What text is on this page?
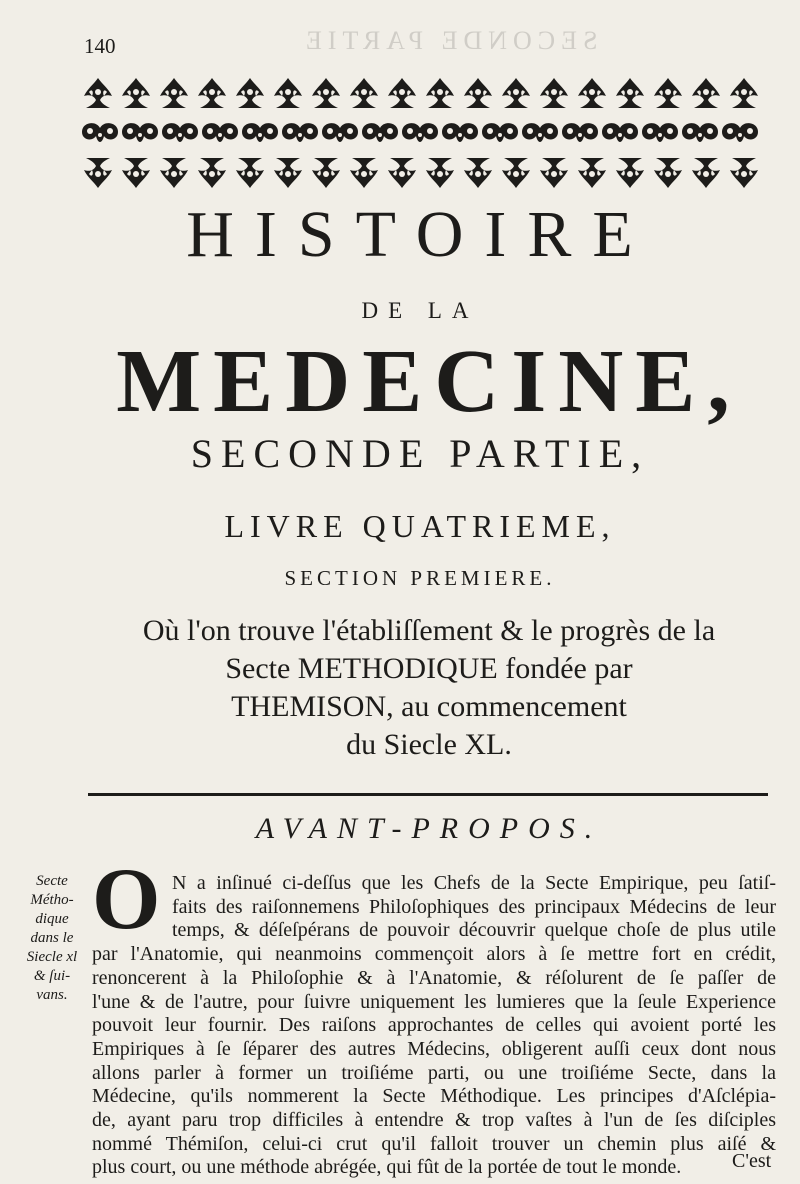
SECONDE PARTIE
140
HISTOIRE
DE LA
MEDECINE,
SECONDE PARTIE,
LIVRE QUATRIEME,
SECTION PREMIERE.
Où l'on trouve l'établiſſement & le progrès de la
Secte METHODIQUE fondée par
THEMISON, au commencement
du Siecle XL.
AVANT-PROPOS.
Secte
Métho-
dique
dans le
Siecle xl
& ſui-
vans.
O N a inſinué ci-deſſus que les Chefs de la Secte Empirique, peu ſatiſ-
faits des raiſonnemens Philoſophiques des principaux Médecins de leur
temps, & déſeſpérans de pouvoir découvrir quelque choſe de plus utile
par l'Anatomie, qui neanmoins commençoit alors à ſe mettre fort en crédit,
renoncerent à la Philoſophie & à l'Anatomie, & réſolurent de ſe paſſer de
l'une & de l'autre, pour ſuivre uniquement les lumieres que la ſeule Experience
pouvoit leur fournir. Des raiſons approchantes de celles qui avoient porté les
Empiriques à ſe ſéparer des autres Médecins, obligerent auſſi ceux dont nous
allons parler à former un troiſiéme parti, ou une troiſiéme Secte, dans la
Médecine, qu'ils nommerent la Secte Méthodique. Les principes d'Aſclépia-
de, ayant paru trop difficiles à entendre & trop vaſtes à l'un de ſes diſciples
nommé Thémiſon, celui-ci crut qu'il falloit trouver un chemin plus aiſé &
plus court, ou une méthode abrégée, qui fût de la portée de tout le monde.	C'est
